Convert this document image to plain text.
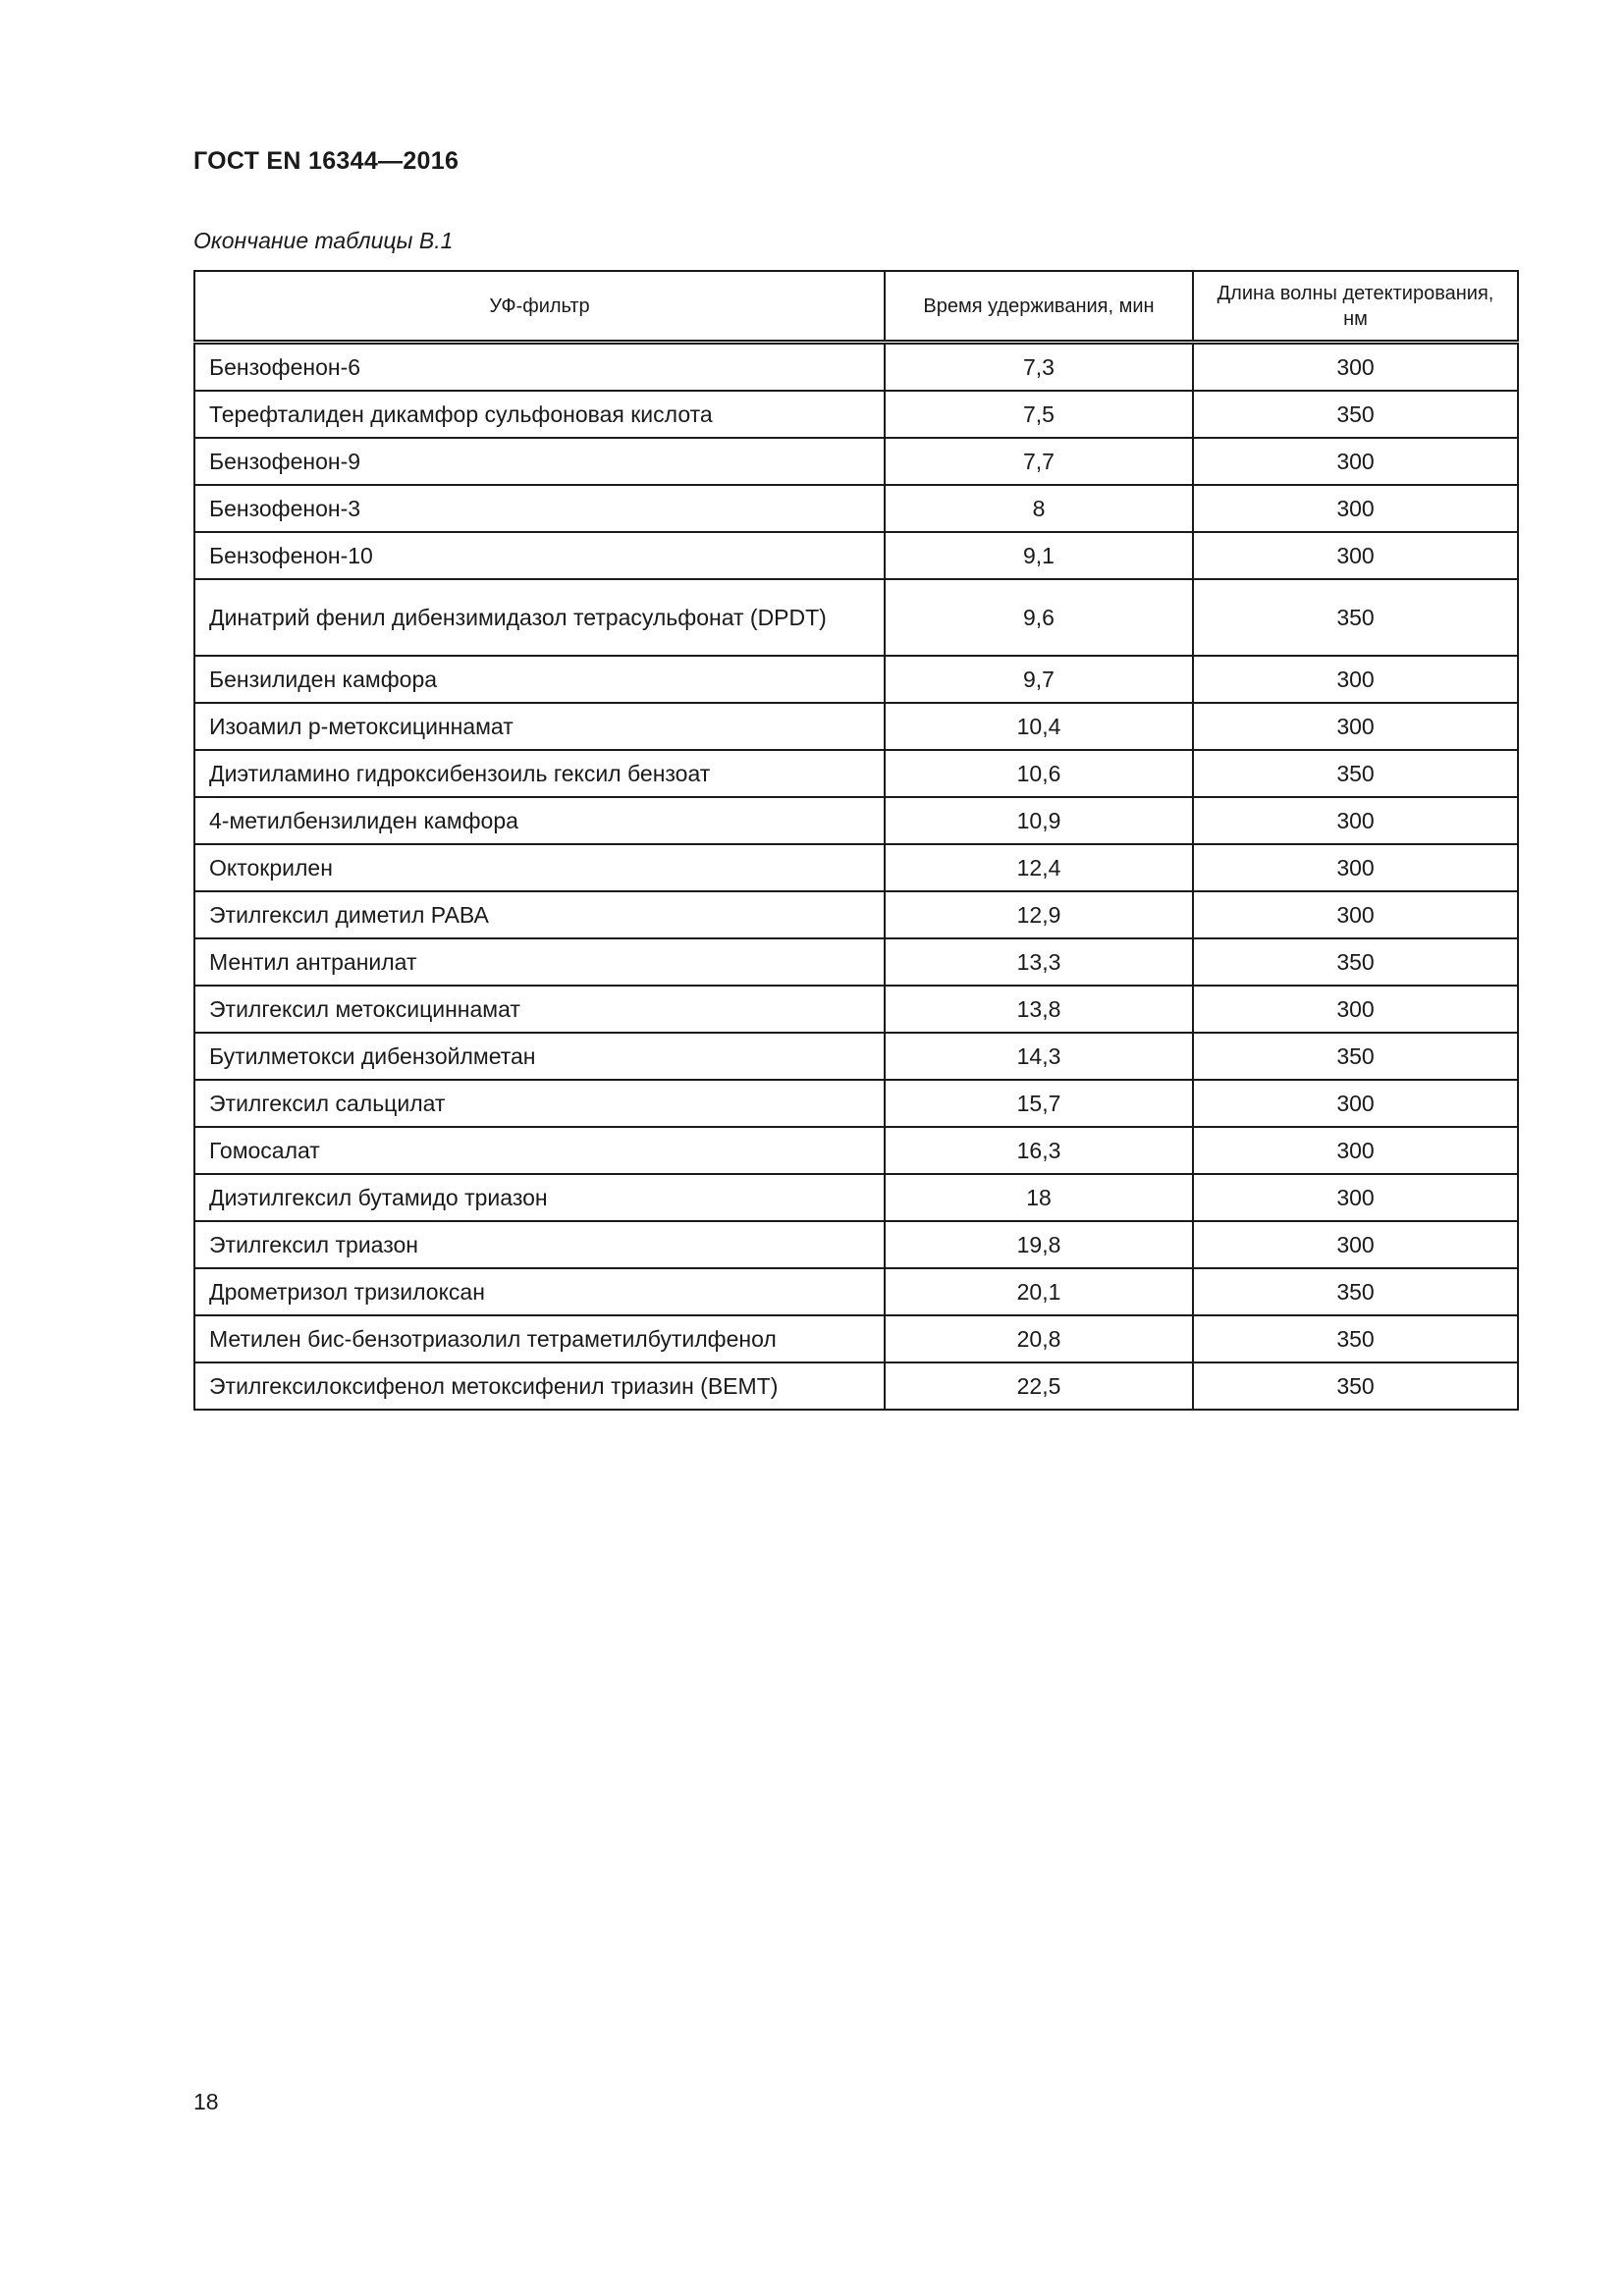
ГОСТ EN 16344—2016

Окончание таблицы В.1

УФ-фильтр	Время удерживания, мин	Длина волны детектирования, нм
Бензофенон-6	7,3	300
Терефталиден дикамфор сульфоновая кислота	7,5	350
Бензофенон-9	7,7	300
Бензофенон-3	8	300
Бензофенон-10	9,1	300
Динатрий фенил дибензимидазол тетрасульфонат (DPDT)	9,6	350
Бензилиден камфора	9,7	300
Изоамил р-метоксициннамат	10,4	300
Диэтиламино гидроксибензоиль гексил бензоат	10,6	350
4-метилбензилиден камфора	10,9	300
Октокрилен	12,4	300
Этилгексил диметил РАВА	12,9	300
Ментил антранилат	13,3	350
Этилгексил метоксициннамат	13,8	300
Бутилметокси дибензойлметан	14,3	350
Этилгексил сальцилат	15,7	300
Гомосалат	16,3	300
Диэтилгексил бутамидо триазон	18	300
Этилгексил триазон	19,8	300
Дрометризол тризилоксан	20,1	350
Метилен бис-бензотриазолил тетраметилбутилфенол	20,8	350
Этилгексилоксифенол метоксифенил триазин (ВЕМТ)	22,5	350

18
